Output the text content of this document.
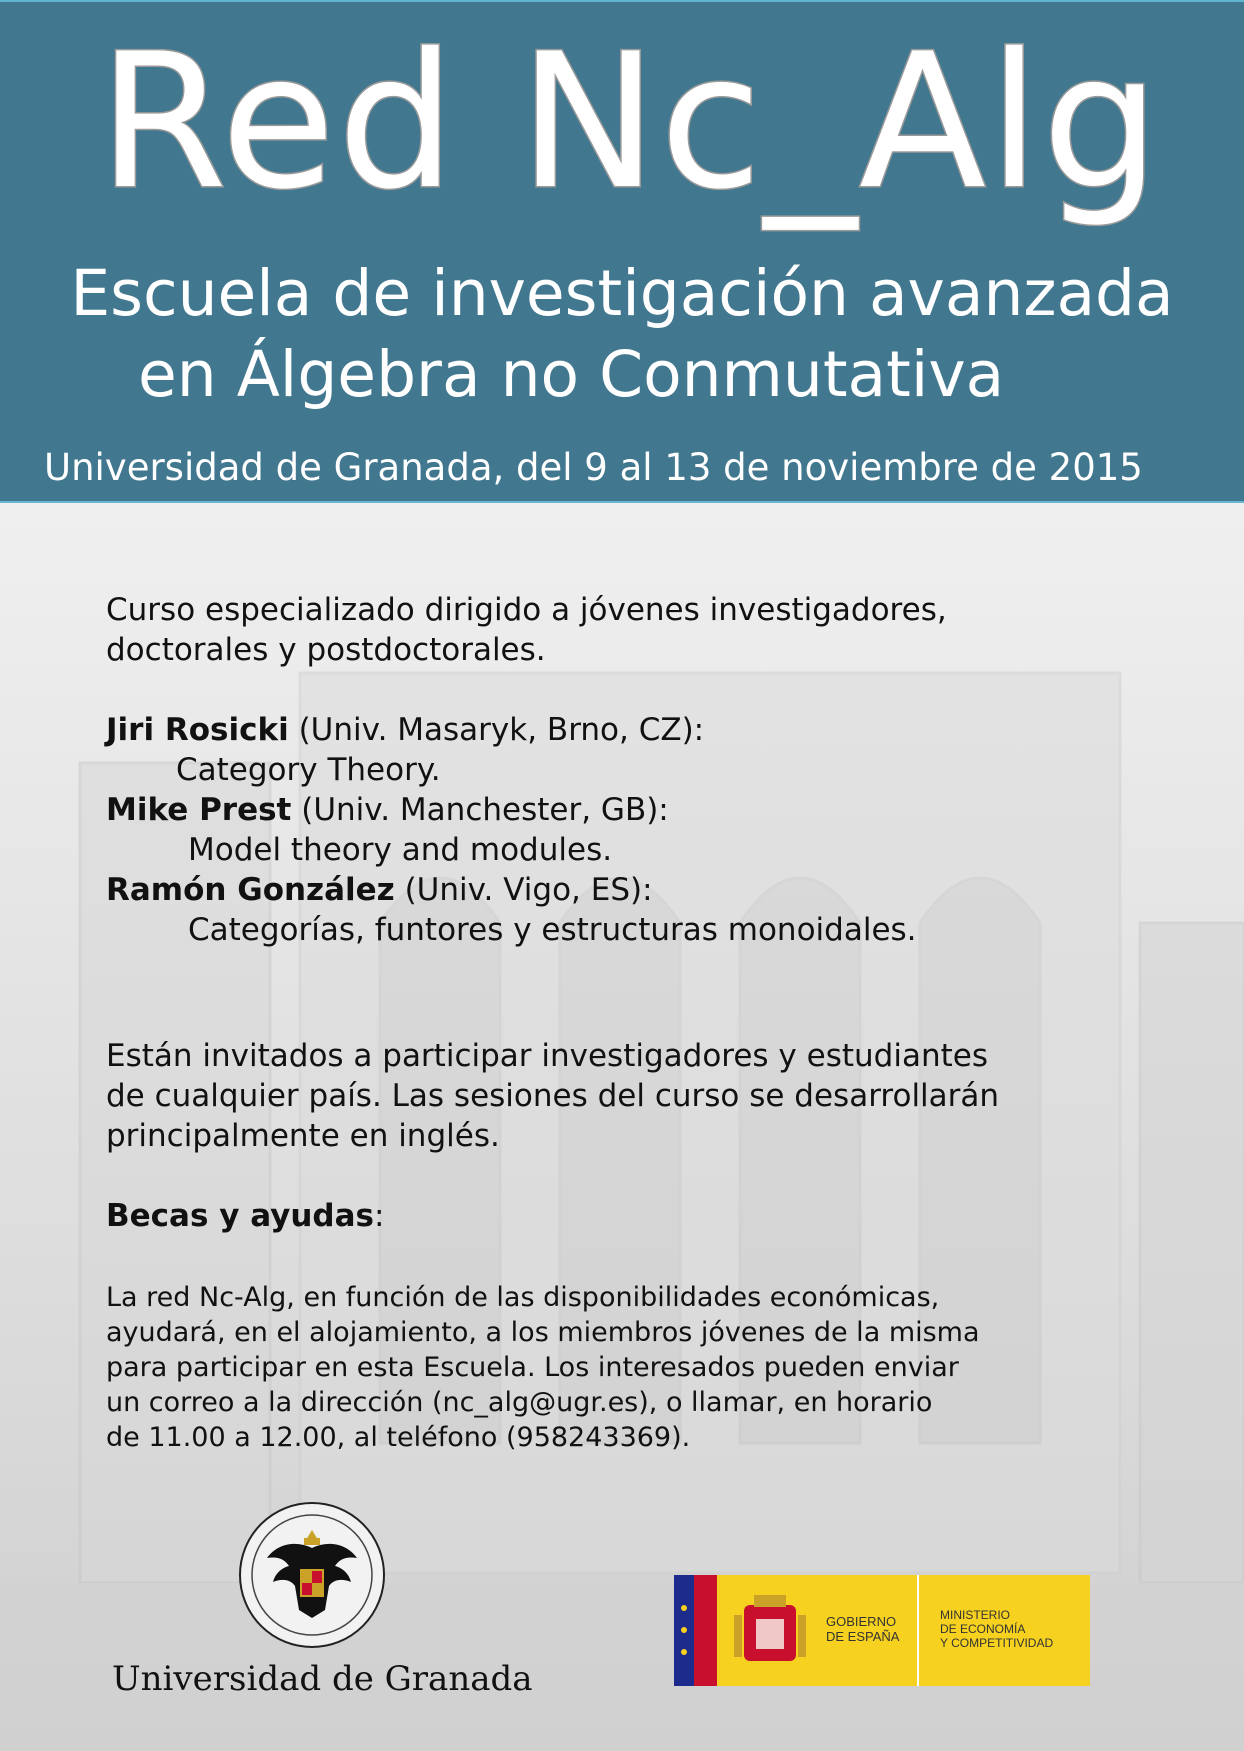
Red Nc_Alg
Escuela de investigación avanzada
en Álgebra no Conmutativa
Universidad de Granada, del 9 al 13 de noviembre de 2015

Curso especializado dirigido a jóvenes investigadores,

doctorales y postdoctorales.

Jiri Rosicki (Univ. Masaryk, Brno, CZ):

Category Theory.

Mike Prest (Univ. Manchester, GB):

Model theory and modules.

Ramón González (Univ. Vigo, ES):

Categorías, funtores y estructuras monoidales.

Están invitados a participar investigadores y estudiantes

de cualquier país. Las sesiones del curso se desarrollarán

principalmente en inglés.

Becas y ayudas:
La red Nc-Alg, en función de las disponibilidades económicas,
ayudará, en el alojamiento, a los miembros jóvenes de la misma
para participar en esta Escuela. Los interesados pueden enviar
un correo a la dirección (nc_alg@ugr.es), o llamar, en horario
de 11.00 a 12.00, al teléfono (958243369).
Universidad de Granada
GOBIERNO
DE ESPAÑA
MINISTERIO
DE ECONOMÍA
Y COMPETITIVIDAD
